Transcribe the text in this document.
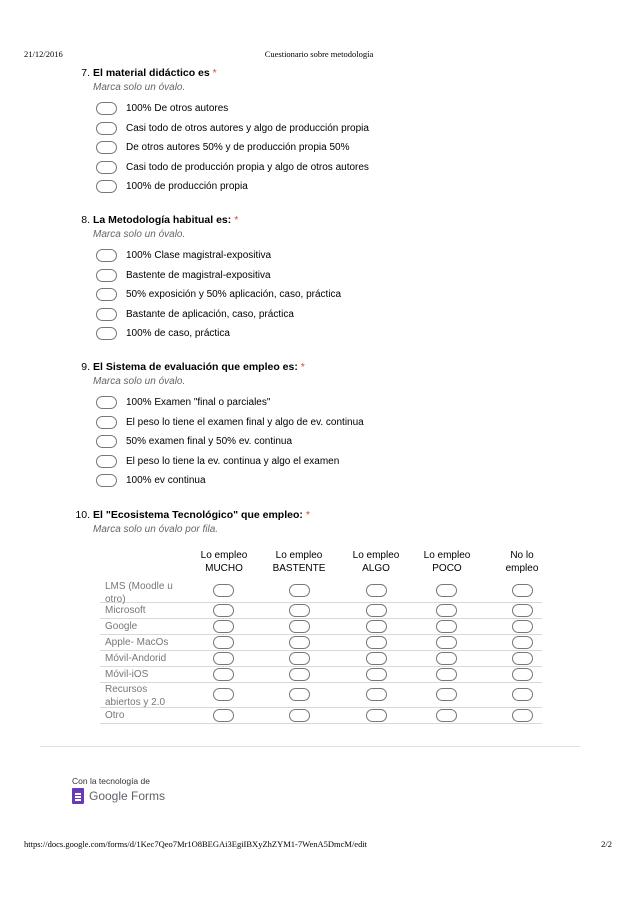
21/12/2016	Cuestionario sobre metodología
7. El material didáctico es *
Marca solo un óvalo.
100% De otros autores
Casi todo de otros autores y algo de producción propia
De otros autores 50% y de producción propia 50%
Casi todo de producción propia y algo de otros autores
100% de producción propia
8. La Metodología habitual es: *
Marca solo un óvalo.
100% Clase magistral-expositiva
Bastente de magistral-expositiva
50% exposición y 50% aplicación, caso, práctica
Bastante de aplicación, caso, práctica
100% de caso, práctica
9. El Sistema de evaluación que empleo es: *
Marca solo un óvalo.
100% Examen "final o parciales"
El peso lo tiene el examen final y algo de ev. continua
50% examen final y 50% ev. continua
El peso lo tiene la ev. continua y algo el examen
100% ev continua
10. El "Ecosistema Tecnológico" que empleo: *
Marca solo un óvalo por fila.
Lo empleo
MUCHO
Lo empleo
BASTENTE
Lo empleo
ALGO
Lo empleo
POCO
No lo
empleo
LMS (Moodle u
otro)
Microsoft
Google
Apple- MacOs
Móvil-Andorid
Móvil-iOS
Recursos
abiertos y 2.0
Otro
Con la tecnología de
Google Forms
https://docs.google.com/forms/d/1Kec7Qeo7Mr1O8BEGAi3EgiIBXyZhZYM1-7WenA5DmcM/edit	2/2
